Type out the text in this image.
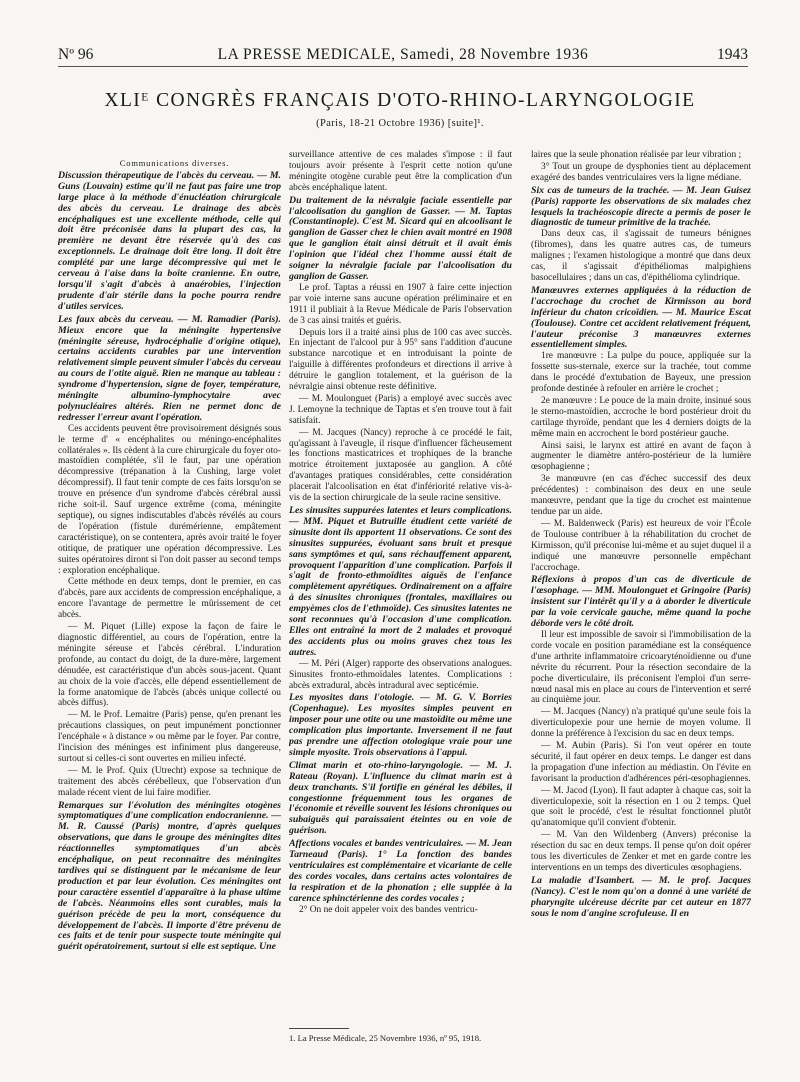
Nº 96	LA PRESSE MEDICALE, Samedi, 28 Novembre 1936	1943
XLIᴱ CONGRÈS FRANÇAIS D'OTO-RHINO-LARYNGOLOGIE
(Paris, 18-21 Octobre 1936) [suite]¹.

Communications diverses.

Discussion thérapeutique de l'abcès du cerveau. — M. Guns (Louvain) estime qu'il ne faut pas faire une trop large place à la méthode d'énucléation chirurgicale des abcès du cerveau. Le drainage des abcès encéphaliques est une excellente méthode, celle qui doit être préconisée dans la plupart des cas, la première ne devant être réservée qu'à des cas exceptionnels. Le drainage doit être long. Il doit être complété par une large décompressive qui met le cerveau à l'aise dans la boîte cranienne. En outre, lorsqu'il s'agit d'abcès à anaérobies, l'injection prudente d'air stérile dans la poche pourra rendre d'utiles services.
Les faux abcès du cerveau. — M. Ramadier (Paris). Mieux encore que la méningite hypertensive (méningite séreuse, hydrocéphalie d'origine otique), certains accidents curables par une intervention relativement simple peuvent simuler l'abcès du cerveau au cours de l'otite aiguë. Rien ne manque au tableau : syndrome d'hypertension, signe de foyer, température, méningite albumino-lymphocytaire avec polynucléaires altérés. Rien ne permet donc de redresser l'erreur avant l'opération.

Ces accidents peuvent être provisoirement désignés sous le terme d' « encéphalites ou méningo-encéphalites collatérales ». Ils cèdent à la cure chirurgicale du foyer oto-mastoïdien complétée, s'il le faut, par une opération décompressive (trépanation à la Cushing, large volet décompressif). Il faut tenir compte de ces faits lorsqu'on se trouve en présence d'un syndrome d'abcès cérébral aussi riche soit-il. Sauf urgence extrême (coma, méningite septique), ou signes indiscutables d'abcès révélés au cours de l'opération (fistule durémérienne, empâtement caractéristique), on se contentera, après avoir traité le foyer otitique, de pratiquer une opération décompressive. Les suites opératoires diront si l'on doit passer au second temps : exploration encéphalique.

Cette méthode en deux temps, dont le premier, en cas d'abcès, pare aux accidents de compression encéphalique, a encore l'avantage de permettre le mûrissement de cet abcès.

— M. Piquet (Lille) expose la façon de faire le diagnostic différentiel, au cours de l'opération, entre la méningite séreuse et l'abcès cérébral. L'induration profonde, au contact du doigt, de la dure-mère, largement dénudée, est caractéristique d'un abcès sous-jacent. Quant au choix de la voie d'accès, elle dépend essentiellement de la forme anatomique de l'abcès (abcès unique collecté ou abcès diffus).

— M. le Prof. Lemaitre (Paris) pense, qu'en prenant les précautions classiques, on peut impunément ponctionner l'encéphale « à distance » ou même par le foyer. Par contre, l'incision des méninges est infiniment plus dangereuse, surtout si celles-ci sont ouvertes en milieu infecté.

— M. le Prof. Quix (Utrecht) expose sa technique de traitement des abcès cérébelleux, que l'observation d'un malade récent vient de lui faire modifier.

Remarques sur l'évolution des méningites otogènes symptomatiques d'une complication endocranienne. — M. R. Caussé (Paris) montre, d'après quelques observations, que dans le groupe des méningites dites réactionnelles symptomatiques d'un abcès encéphalique, on peut reconnaître des méningites tardives qui se distinguent par le mécanisme de leur production et par leur évolution. Ces méningites ont pour caractère essentiel d'apparaître à la phase ultime de l'abcès. Néanmoins elles sont curables, mais la guérison précède de peu la mort, conséquence du développement de l'abcès. Il importe d'être prévenu de ces faits et de tenir pour suspecte toute méningite qui guérit opératoirement, surtout si elle est septique. Une

surveillance attentive de ces malades s'impose : il faut toujours avoir présente à l'esprit cette notion qu'une méningite otogène curable peut être la complication d'un abcès encéphalique latent.

Du traitement de la névralgie faciale essentielle par l'alcoolisation du ganglion de Gasser. — M. Taptas (Constantinople). C'est M. Sicard qui en alcoolisant le ganglion de Gasser chez le chien avait montré en 1908 que le ganglion était ainsi détruit et il avait émis l'opinion que l'idéal chez l'homme aussi était de soigner la névralgie faciale par l'alcoolisation du ganglion de Gasser.

Le prof. Taptas a réussi en 1907 à faire cette injection par voie interne sans aucune opération préliminaire et en 1911 il publiait à la Revue Médicale de Paris l'observation de 3 cas ainsi traités et guéris.

Depuis lors il a traité ainsi plus de 100 cas avec succès. En injectant de l'alcool pur à 95° sans l'addition d'aucune substance narcotique et en introduisant la pointe de l'aiguille à différentes profondeurs et directions il arrive à détruire le ganglion totalement, et la guérison de la névralgie ainsi obtenue reste définitive.

— M. Moulonguet (Paris) a employé avec succès avec J. Lemoyne la technique de Taptas et s'en trouve tout à fait satisfait.

— M. Jacques (Nancy) reproche à ce procédé le fait, qu'agissant à l'aveugle, il risque d'influencer fâcheusement les fonctions masticatrices et trophiques de la branche motrice étroitement juxtaposée au ganglion. A côté d'avantages pratiques considérables, cette considération placerait l'alcoolisation en état d'infériorité relative vis-à-vis de la section chirurgicale de la seule racine sensitive.

Les sinusites suppurées latentes et leurs complications. — MM. Piquet et Butruille étudient cette variété de sinusite dont ils apportent 11 observations. Ce sont des sinusites suppurées, évoluant sans bruit et presque sans symptômes et qui, sans réchauffement apparent, provoquent l'apparition d'une complication. Parfois il s'agit de fronto-ethmoïdites aiguës de l'enfance complètement apyrétiques. Ordinairement on a affaire à des sinusites chroniques (frontales, maxillaires ou empyèmes clos de l'ethmoïde). Ces sinusites latentes ne sont reconnues qu'à l'occasion d'une complication. Elles ont entraîné la mort de 2 malades et provoqué des accidents plus ou moins graves chez tous les autres.

— M. Péri (Alger) rapporte des observations analogues. Sinusites fronto-ethmoïdales latentes. Complications : abcès extradural, abcès intradural avec septicémie.

Les myosites dans l'otologie. — M. G. V. Borries (Copenhague). Les myosites simples peuvent en imposer pour une otite ou une mastoïdite ou même une complication plus importante. Inversement il ne faut pas prendre une affection otologique vraie pour une simple myosite. Trois observations à l'appui.
Climat marin et oto-rhino-laryngologie. — M. J. Rateau (Royan). L'influence du climat marin est à deux tranchants. S'il fortifie en général les débiles, il congestionne fréquemment tous les organes de l'économie et réveille souvent les lésions chroniques ou subaiguës qui paraissaient éteintes ou en voie de guérison.
Affections vocales et bandes ventriculaires. — M. Jean Tarneaud (Paris). 1° La fonction des bandes ventriculaires est complémentaire et vicariante de celle des cordes vocales, dans certains actes volontaires de la respiration et de la phonation ; elle supplée à la carence sphinctérienne des cordes vocales ;

2° On ne doit appeler voix des bandes ventricu-

laires que la seule phonation réalisée par leur vibration ;

3° Tout un groupe de dysphonies tient au déplacement exagéré des bandes ventriculaires vers la ligne médiane.

Six cas de tumeurs de la trachée. — M. Jean Guisez (Paris) rapporte les observations de six malades chez lesquels la trachéoscopie directe a permis de poser le diagnostic de tumeur primitive de la trachée.

Dans deux cas, il s'agissait de tumeurs bénignes (fibromes), dans les quatre autres cas, de tumeurs malignes ; l'examen histologique a montré que dans deux cas, il s'agissait d'épithéliomas malpighiens basocellulaires ; dans un cas, d'épithélioma cylindrique.

Manœuvres externes appliquées à la réduction de l'accrochage du crochet de Kirmisson au bord inférieur du chaton cricoïdien. — M. Maurice Escat (Toulouse). Contre cet accident relativement fréquent, l'auteur préconise 3 manœuvres externes essentiellement simples.

1re manœuvre : La pulpe du pouce, appliquée sur la fossette sus-sternale, exerce sur la trachée, tout comme dans le procédé d'extubation de Bayeux, une pression profonde destinée à refouler en arrière le crochet ;

2e manœuvre : Le pouce de la main droite, insinué sous le sterno-mastoïdien, accroche le bord postérieur droit du cartilage thyroïde, pendant que les 4 derniers doigts de la même main en accrochent le bord postérieur gauche.

Ainsi saisi, le larynx est attiré en avant de façon à augmenter le diamètre antéro-postérieur de la lumière œsophagienne ;

3e manœuvre (en cas d'échec successif des deux précédentes) : combinaison des deux en une seule manœuvre, pendant que la tige du crochet est maintenue tendue par un aide.

— M. Baldenweck (Paris) est heureux de voir l'École de Toulouse contribuer à la réhabilitation du crochet de Kirmisson, qu'il préconise lui-même et au sujet duquel il a indiqué une manœuvre personnelle empêchant l'accrochage.

Réflexions à propos d'un cas de diverticule de l'œsophage. — MM. Moulonguet et Gringoire (Paris) insistent sur l'intérêt qu'il y a à aborder le diverticule par la voie cervicale gauche, même quand la poche déborde vers le côté droit.

Il leur est impossible de savoir si l'immobilisation de la corde vocale en position paramédiane est la conséquence d'une arthrite inflammatoire cricoaryténoïdienne ou d'une névrite du récurrent. Pour la résection secondaire de la poche diverticulaire, ils préconisent l'emploi d'un serre-nœud nasal mis en place au cours de l'intervention et serré au cinquième jour.

— M. Jacques (Nancy) n'a pratiqué qu'une seule fois la diverticulopexie pour une hernie de moyen volume. Il donne la préférence à l'excision du sac en deux temps.

— M. Aubin (Paris). Si l'on veut opérer en toute sécurité, il faut opérer en deux temps. Le danger est dans la propagation d'une infection au médiastin. On l'évite en favorisant la production d'adhérences péri-œsophagiennes.

— M. Jacod (Lyon). Il faut adapter à chaque cas, soit la diverticulopexie, soit la résection en 1 ou 2 temps. Quel que soit le procédé, c'est le résultat fonctionnel plutôt qu'anatomique qu'il convient d'obtenir.

— M. Van den Wildenberg (Anvers) préconise la résection du sac en deux temps. Il pense qu'on doit opérer tous les diverticules de Zenker et met en garde contre les interventions en un temps des diverticules œsophagiens.

La maladie d'Isambert. — M. le prof. Jacques (Nancy). C'est le nom qu'on a donné à une variété de pharyngite ulcéreuse décrite par cet auteur en 1877 sous le nom d'angine scrofuleuse. Il en
1. La Presse Médicale, 25 Novembre 1936, nº 95, 1918.
